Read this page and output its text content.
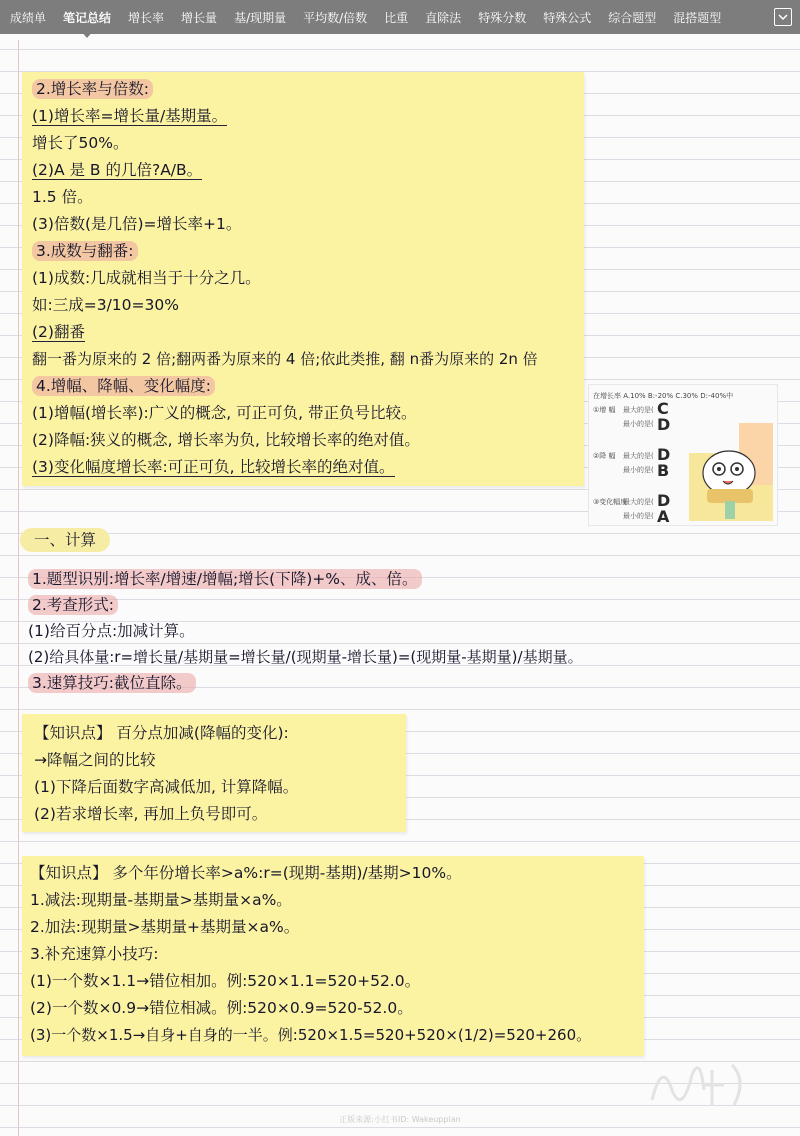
成绩单 笔记总结 增长率 增长量 基/现期量 平均数/倍数 比重 直除法 特殊分数 特殊公式 综合题型 混搭题型
2.增长率与倍数:
(1)增长率=增长量/基期量。
增长了50%。
(2)A 是 B 的几倍?A/B。
1.5 倍。
(3)倍数(是几倍)=增长率+1。
3.成数与翻番:
(1)成数:几成就相当于十分之几。
如:三成=3/10=30%
(2)翻番
翻一番为原来的 2 倍;翻两番为原来的 4 倍;依此类推, 翻 n番为原来的 2n 倍
4.增幅、降幅、变化幅度:
(1)增幅(增长率):广义的概念, 可正可负, 带正负号比较。
(2)降幅:狭义的概念, 增长率为负, 比较增长率的绝对值。
(3)变化幅度增长率:可正可负, 比较增长率的绝对值。
在增长率 A.10% B:-20% C.30% D:-40%中
①增 幅 最大的是(
最小的是(
C
D
②降 幅 最大的是(
最小的是(
D
B
③变化幅度
最大的是(
最小的是(
D
A
一、计算
1.题型识别:增长率/增速/增幅;增长(下降)+%、成、倍。
2.考查形式:
(1)给百分点:加减计算。
(2)给具体量:r=增长量/基期量=增长量/(现期量-增长量)=(现期量-基期量)/基期量。
3.速算技巧:截位直除。
【知识点】 百分点加减(降幅的变化):
→降幅之间的比较
(1)下降后面数字高减低加, 计算降幅。
(2)若求增长率, 再加上负号即可。
【知识点】 多个年份增长率>a%:r=(现期-基期)/基期>10%。
1.减法:现期量-基期量>基期量×a%。
2.加法:现期量>基期量+基期量×a%。
3.补充速算小技巧:
(1)一个数×1.1→错位相加。例:520×1.1=520+52.0。
(2)一个数×0.9→错位相减。例:520×0.9=520-52.0。
(3)一个数×1.5→自身+自身的一半。例:520×1.5=520+520×(1/2)=520+260。
正版来源:小红书ID: Wakeupplan
